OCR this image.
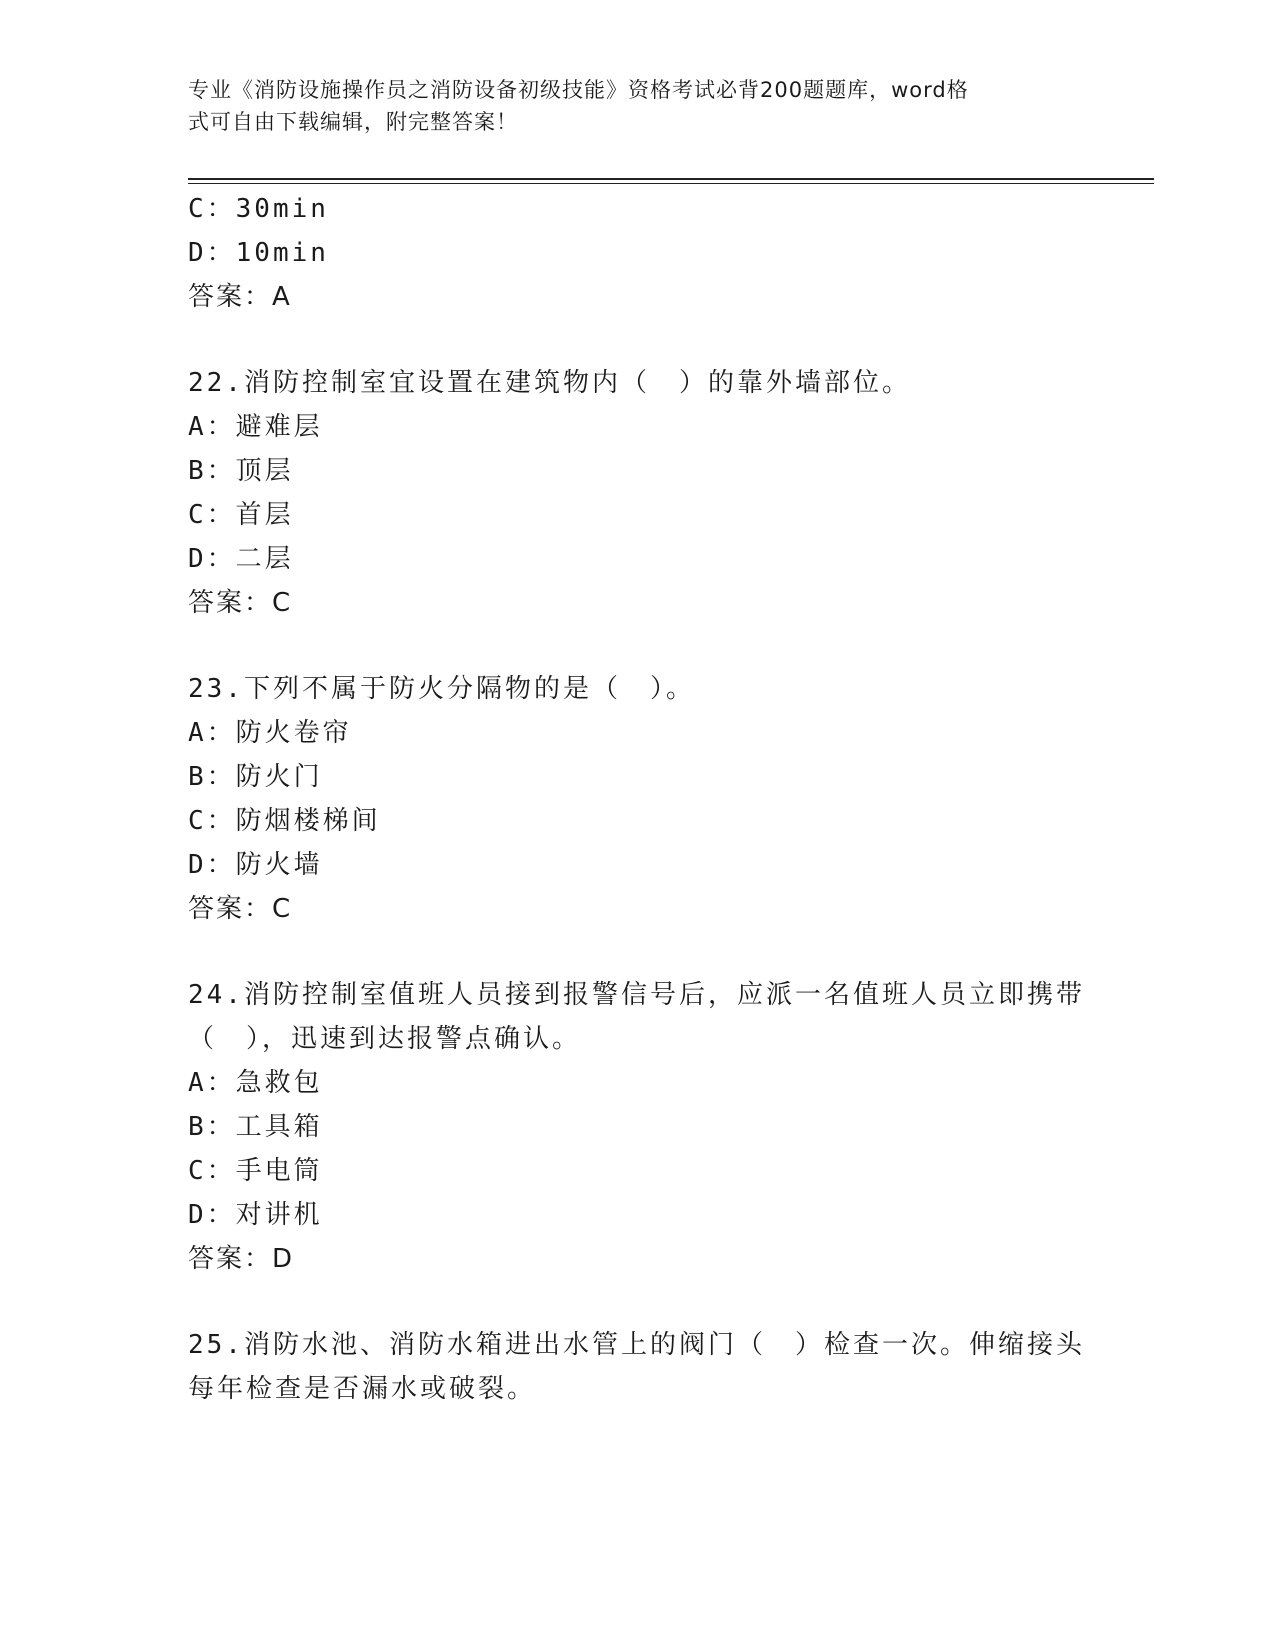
专业《消防设施操作员之消防设备初级技能》资格考试必背200题题库，word格
式可自由下载编辑，附完整答案！
C：30min
D：10min
答案：A
22.消防控制室宜设置在建筑物内（　）的靠外墙部位。
A：避难层
B：顶层
C：首层
D：二层
答案：C
23.下列不属于防火分隔物的是（　）。
A：防火卷帘
B：防火门
C：防烟楼梯间
D：防火墙
答案：C
24.消防控制室值班人员接到报警信号后，应派一名值班人员立即携带
（　），迅速到达报警点确认。
A：急救包
B：工具箱
C：手电筒
D：对讲机
答案：D
25.消防水池、消防水箱进出水管上的阀门（　）检查一次。伸缩接头
每年检查是否漏水或破裂。
